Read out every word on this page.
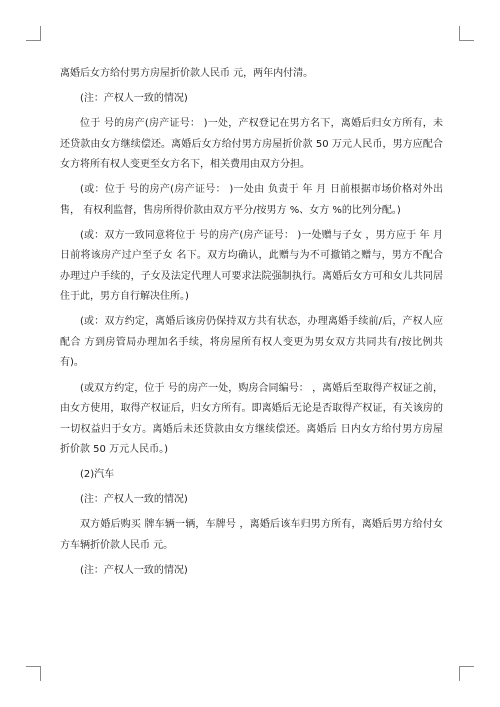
离婚后女方给付男方房屋折价款人民币 元，两年内付清。

(注：产权人一致的情况)

位于 号的房产(房产证号： )一处，产权登记在男方名下，离婚后归女方所有，未还贷款由女方继续偿还。离婚后女方给付男方房屋折价款 50 万元人民币，男方应配合女方将所有权人变更至女方名下，相关费用由双方分担。

(或：位于 号的房产(房产证号： )一处由 负责于 年 月 日前根据市场价格对外出售， 有权利监督，售房所得价款由双方平分/按男方 %、女方 %的比列分配。)

(或：双方一致同意将位于 号的房产(房产证号： )一处赠与子女 ，男方应于 年 月 日前将该房产过户至子女 名下。双方均确认，此赠与为不可撤销之赠与，男方不配合办理过户手续的，子女及法定代理人可要求法院强制执行。离婚后女方可和女儿共同居住于此，男方自行解决住所。)

(或：双方约定，离婚后该房仍保持双方共有状态，办理离婚手续前/后，产权人应配合 方到房管局办理加名手续，将房屋所有权人变更为男女双方共同共有/按比例共有)。

(或双方约定，位于 号的房产一处，购房合同编号： ，离婚后至取得产权证之前，由女方使用，取得产权证后，归女方所有。即离婚后无论是否取得产权证，有关该房的一切权益归于女方。离婚后未还贷款由女方继续偿还。离婚后 日内女方给付男方房屋折价款 50 万元人民币。)

(2)汽车

(注：产权人一致的情况)

双方婚后购买 牌车辆一辆，车牌号 ，离婚后该车归男方所有，离婚后男方给付女方车辆折价款人民币 元。

(注：产权人一致的情况)
